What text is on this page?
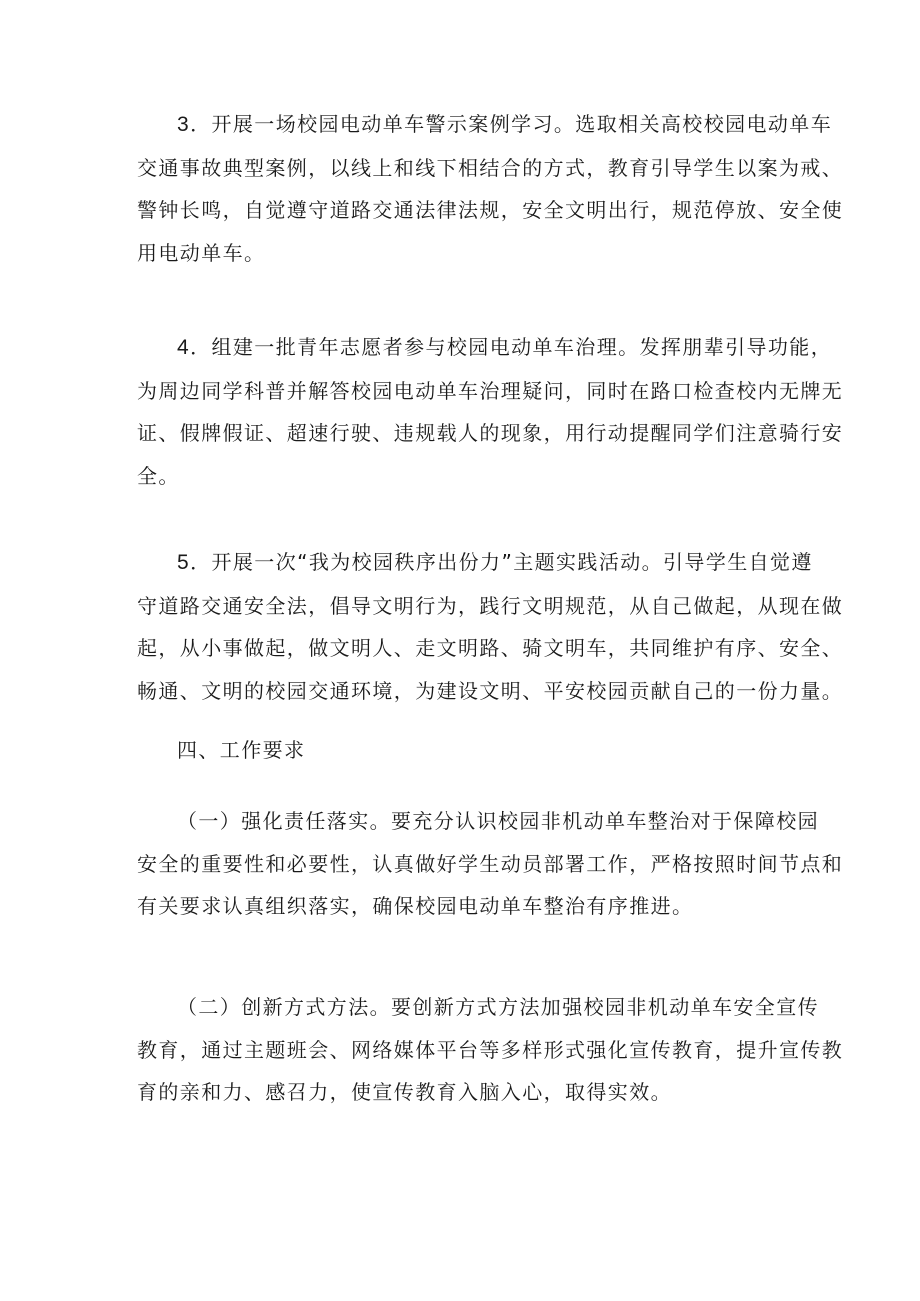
3．开展一场校园电动单车警示案例学习。选取相关高校校园电动单车
交通事故典型案例，以线上和线下相结合的方式，教育引导学生以案为戒、
警钟长鸣，自觉遵守道路交通法律法规，安全文明出行，规范停放、安全使
用电动单车。
4．组建一批青年志愿者参与校园电动单车治理。发挥朋辈引导功能，
为周边同学科普并解答校园电动单车治理疑问，同时在路口检查校内无牌无
证、假牌假证、超速行驶、违规载人的现象，用行动提醒同学们注意骑行安
全。
5．开展一次“我为校园秩序出份力”主题实践活动。引导学生自觉遵
守道路交通安全法，倡导文明行为，践行文明规范，从自己做起，从现在做
起，从小事做起，做文明人、走文明路、骑文明车，共同维护有序、安全、
畅通、文明的校园交通环境，为建设文明、平安校园贡献自己的一份力量。
四、工作要求
（一）强化责任落实。要充分认识校园非机动单车整治对于保障校园
安全的重要性和必要性，认真做好学生动员部署工作，严格按照时间节点和
有关要求认真组织落实，确保校园电动单车整治有序推进。
（二）创新方式方法。要创新方式方法加强校园非机动单车安全宣传
教育，通过主题班会、网络媒体平台等多样形式强化宣传教育，提升宣传教
育的亲和力、感召力，使宣传教育入脑入心，取得实效。
